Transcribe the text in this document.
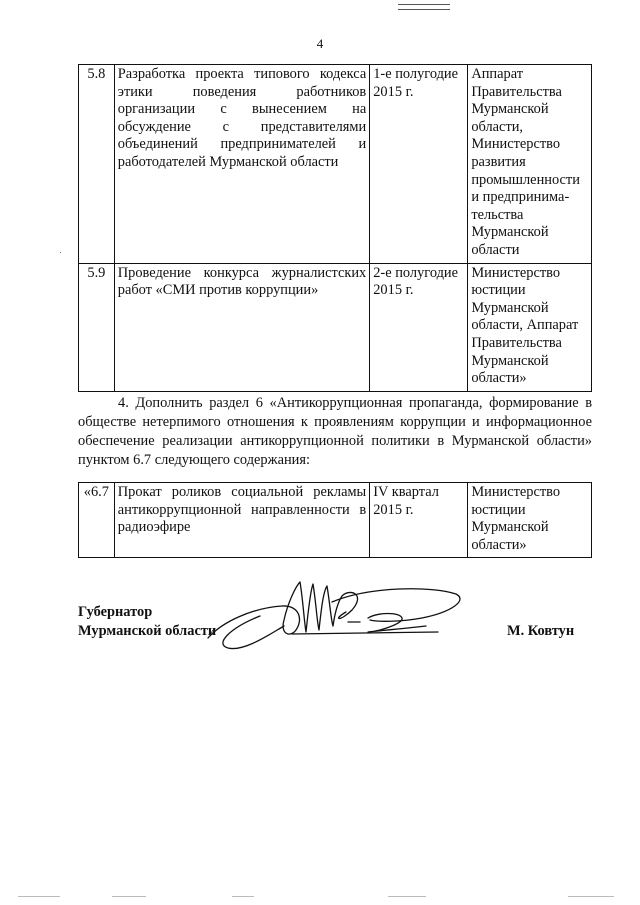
4
5.8	Разработка проекта типового кодекса этики поведения работников организации с вынесением на обсуждение с представителями объединений предпринимателей и работодателей Мурманской области	1-е полугодие 2015 г.	Аппарат Правительства Мурманской области, Министерство развития промышленности и предпринимательства Мурманской области
5.9	Проведение конкурса журналистских работ «СМИ против коррупции»	2-е полугодие 2015 г.	Министерство юстиции Мурманской области, Аппарат Правительства Мурманской области»

4. Дополнить раздел 6 «Антикоррупционная пропаганда, формирование в обществе нетерпимого отношения к проявлениям коррупции и информационное обеспечение реализации антикоррупционной политики в Мурманской области» пунктом 6.7 следующего содержания:

«6.7	Прокат роликов социальной рекламы антикоррупционной направленности в радиоэфире	IV квартал 2015 г.	Министерство юстиции Мурманской области»
Губернатор
Мурманской области	М. Ковтун
